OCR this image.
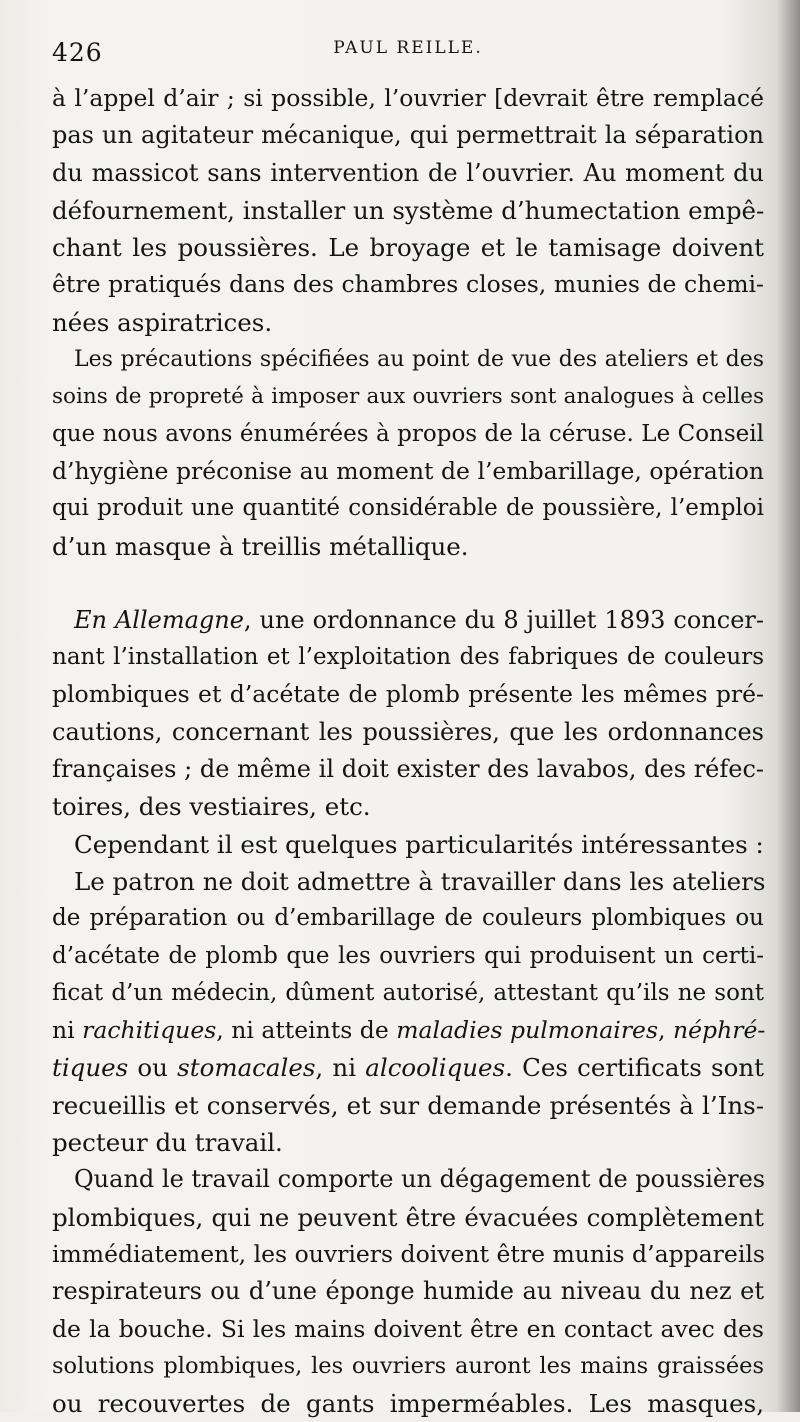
426	PAUL REILLE.

à l’appel d’air ; si possible, l’ouvrier [devrait être remplacé
pas un agitateur mécanique, qui permettrait la séparation
du massicot sans intervention de l’ouvrier. Au moment du
défournement, installer un système d’humectation empê-
chant les poussières. Le broyage et le tamisage doivent
être pratiqués dans des chambres closes, munies de chemi-
nées aspiratrices.

Les précautions spécifiées au point de vue des ateliers et des
soins de propreté à imposer aux ouvriers sont analogues à celles
que nous avons énumérées à propos de la céruse. Le Conseil
d’hygiène préconise au moment de l’embarillage, opération
qui produit une quantité considérable de poussière, l’emploi
d’un masque à treillis métallique.

En Allemagne, une ordonnance du 8 juillet 1893 concer-
nant l’installation et l’exploitation des fabriques de couleurs
plombiques et d’acétate de plomb présente les mêmes pré-
cautions, concernant les poussières, que les ordonnances
françaises ; de même il doit exister des lavabos, des réfec-
toires, des vestiaires, etc.

Cependant il est quelques particularités intéressantes :

Le patron ne doit admettre à travailler dans les ateliers
de préparation ou d’embarillage de couleurs plombiques ou
d’acétate de plomb que les ouvriers qui produisent un certi-
ficat d’un médecin, dûment autorisé, attestant qu’ils ne sont
ni rachitiques, ni atteints de maladies pulmonaires, néphré-
tiques ou stomacales, ni alcooliques. Ces certificats sont
recueillis et conservés, et sur demande présentés à l’Ins-
pecteur du travail.

Quand le travail comporte un dégagement de poussières
plombiques, qui ne peuvent être évacuées complètement
immédiatement, les ouvriers doivent être munis d’appareils
respirateurs ou d’une éponge humide au niveau du nez et
de la bouche. Si les mains doivent être en contact avec des
solutions plombiques, les ouvriers auront les mains graissées
ou recouvertes de gants imperméables. Les masques,
